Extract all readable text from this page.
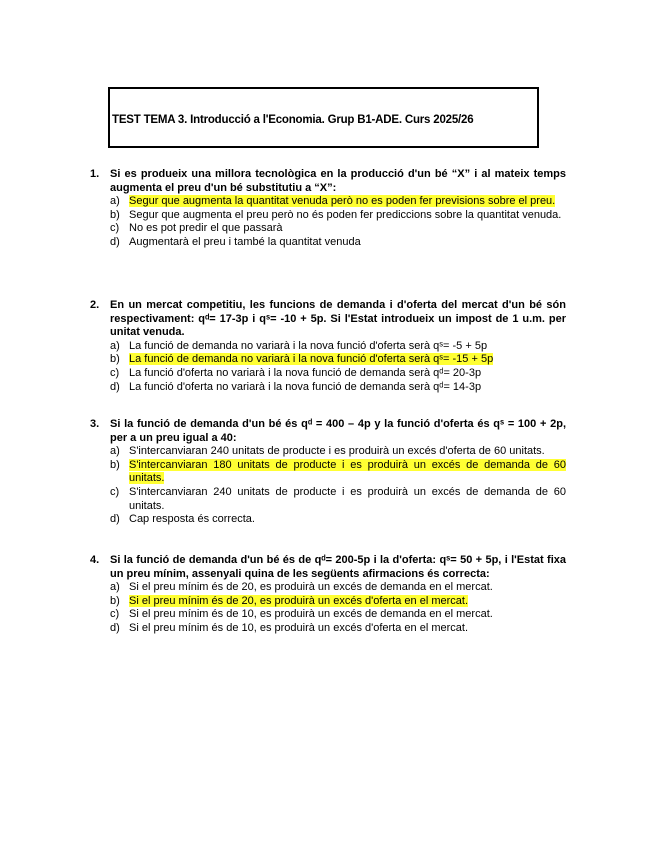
TEST TEMA 3. Introducció a l'Economia. Grup B1-ADE. Curs 2025/26
1. Si es produeix una millora tecnològica en la producció d'un bé “X” i al mateix temps augmenta el preu d'un bé substitutiu a “X”:
a) Segur que augmenta la quantitat venuda però no es poden fer previsions sobre el preu.
b) Segur que augmenta el preu però no és poden fer prediccions sobre la quantitat venuda.
c) No es pot predir el que passarà
d) Augmentarà el preu i també la quantitat venuda
2. En un mercat competitiu, les funcions de demanda i d'oferta del mercat d'un bé són respectivament: qᵈ= 17-3p i qˢ= -10 + 5p. Si l'Estat introdueix un impost de 1 u.m. per unitat venuda.
a) La funció de demanda no variarà i la nova funció d'oferta serà qˢ= -5 + 5p
b) La funció de demanda no variarà i la nova funció d'oferta serà qˢ= -15 + 5p
c) La funció d'oferta no variarà i la nova funció de demanda serà qᵈ= 20-3p
d) La funció d'oferta no variarà i la nova funció de demanda serà qᵈ= 14-3p
3. Si la funció de demanda d'un bé és qᵈ = 400 – 4p y la funció d'oferta és qˢ = 100 + 2p, per a un preu igual a 40:
a) S'intercanviaran 240 unitats de producte i es produirà un excés d'oferta de 60 unitats.
b) S'intercanviaran 180 unitats de producte i es produirà un excés de demanda de 60 unitats.
c) S'intercanviaran 240 unitats de producte i es produirà un excés de demanda de 60 unitats.
d) Cap resposta és correcta.
4. Si la funció de demanda d'un bé és de qᵈ= 200-5p i la d'oferta: qˢ= 50 + 5p, i l'Estat fixa un preu mínim, assenyali quina de les següents afirmacions és correcta:
a) Si el preu mínim és de 20, es produirà un excés de demanda en el mercat.
b) Si el preu mínim és de 20, es produirà un excés d'oferta en el mercat.
c) Si el preu mínim és de 10, es produirà un excés de demanda en el mercat.
d) Si el preu mínim és de 10, es produirà un excés d'oferta en el mercat.
